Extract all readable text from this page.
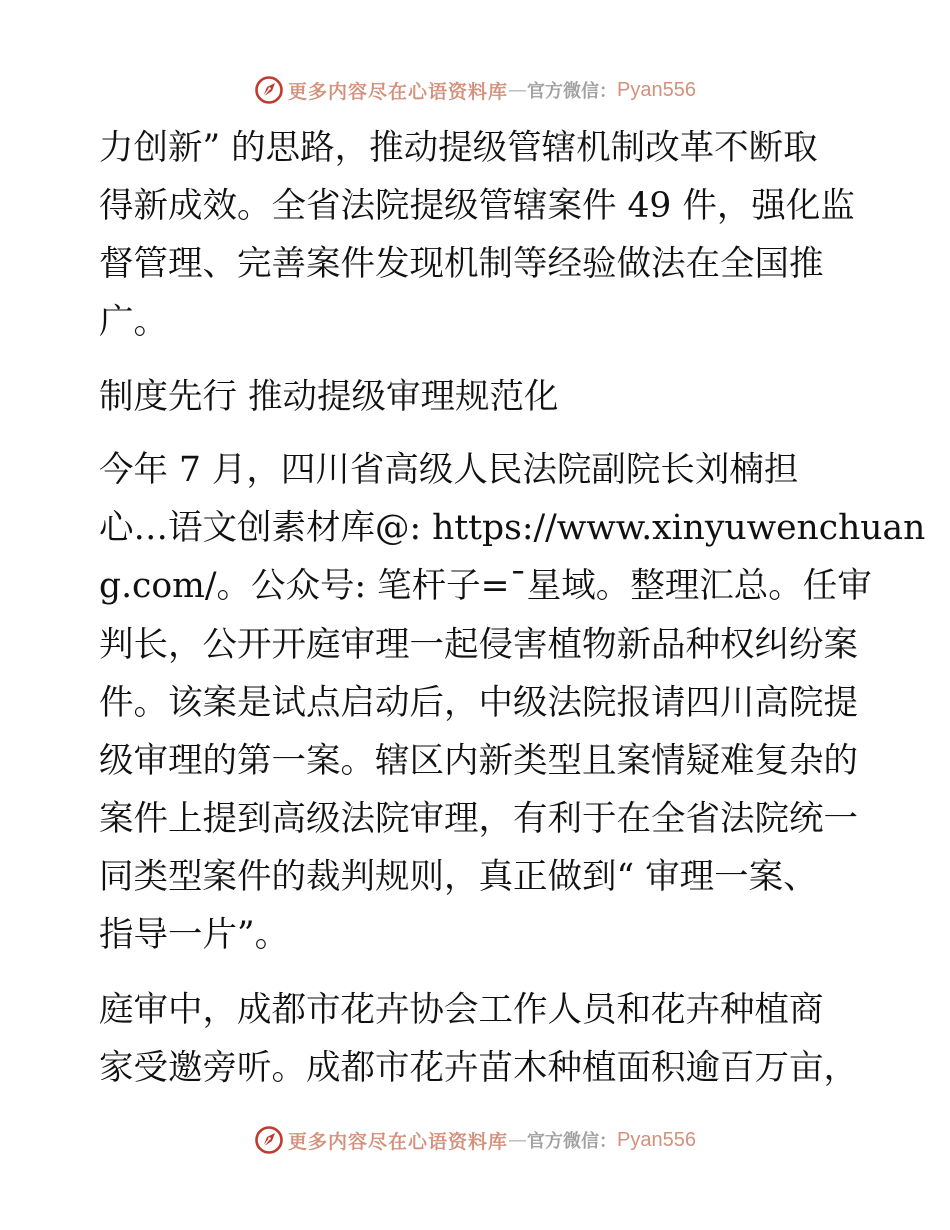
更多内容尽在心语资料库 — 官方微信： Pyan556
力创新” 的思路，推动提级管辖机制改革不断取
得新成效。全省法院提级管辖案件 49 件，强化监
督管理、完善案件发现机制等经验做法在全国推
广。
制度先行 推动提级审理规范化
今年 7 月，四川省高级人民法院副院长刘楠担
心…语文创素材库@: https://www.xinyuwenchuan
g.com/。公众号: 笔杆子=¯星域。整理汇总。任审
判长，公开开庭审理一起侵害植物新品种权纠纷案
件。该案是试点启动后，中级法院报请四川高院提
级审理的第一案。辖区内新类型且案情疑难复杂的
案件上提到高级法院审理，有利于在全省法院统一
同类型案件的裁判规则，真正做到“ 审理一案、
指导一片”。
庭审中，成都市花卉协会工作人员和花卉种植商
家受邀旁听。成都市花卉苗木种植面积逾百万亩，
更多内容尽在心语资料库 — 官方微信： Pyan556
